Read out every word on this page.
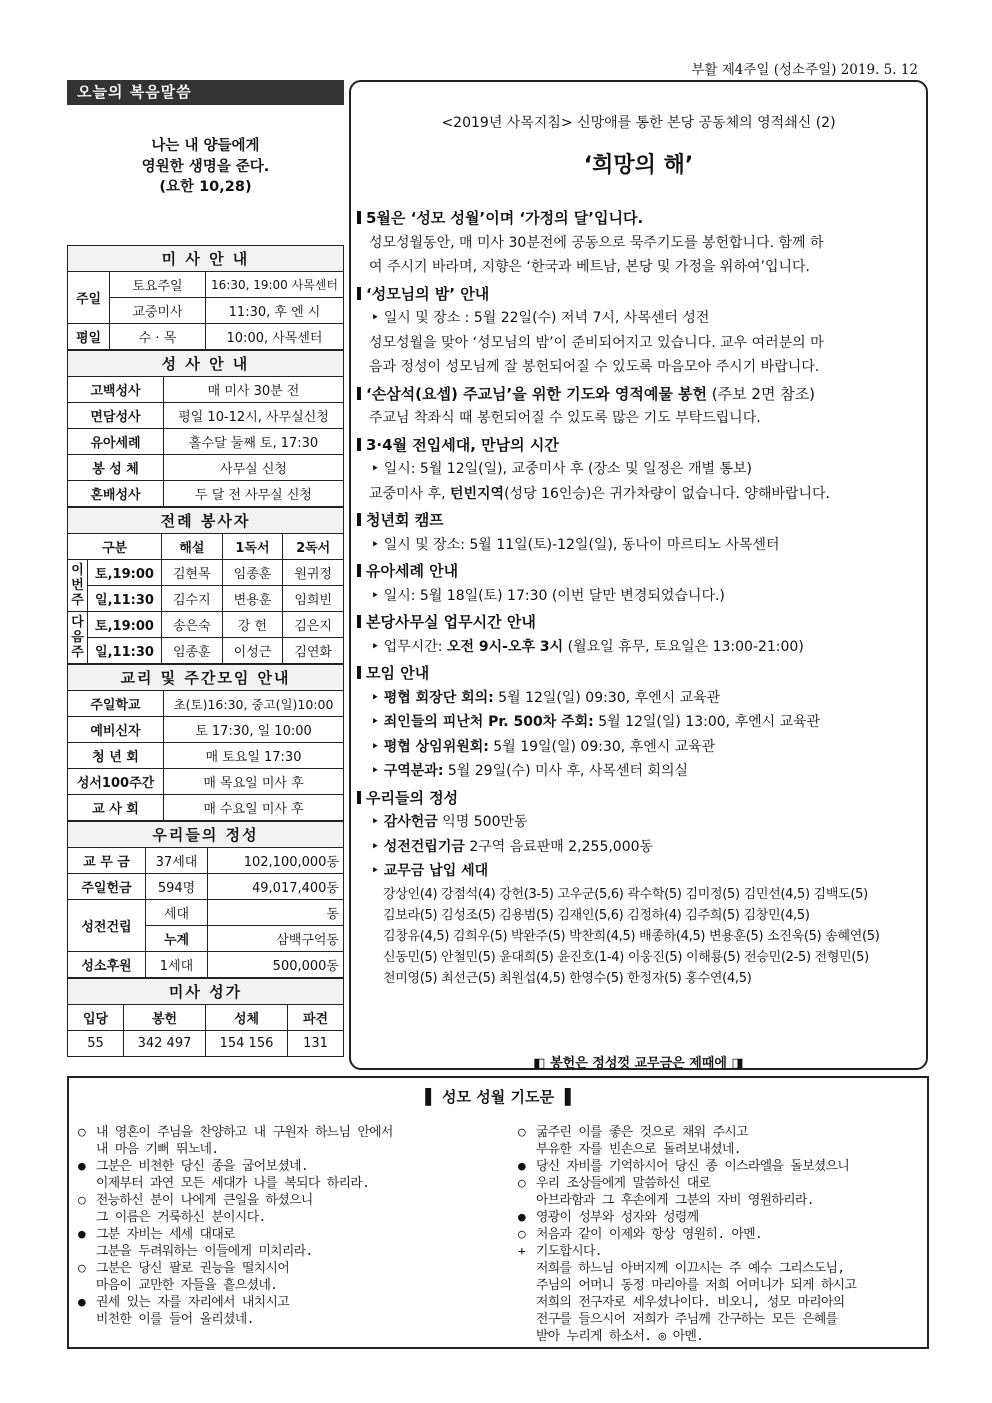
부활 제4주일 (성소주일) 2019. 5. 12
오늘의 복음말씀
나는 내 양들에게
영원한 생명을 준다.
(요한 10,28)
미 사 안 내		
주일	토요주일	16:30, 19:00 사목센터
	교중미사	11:30, 후 엔 시
평일	수 · 목	10:00, 사목센터
성 사 안 내	
고백성사	매 미사 30분 전
면담성사	평일 10-12시, 사무실신청
유아세례	홀수달 둘째 토, 17:30
봉 성 체	사무실 신청
혼배성사	두 달 전 사무실 신청
전례 봉사자				
구분		해설	1독서	2독서
이번주	토,19:00	김현목	임종훈	원귀정
	일,11:30	김수지	변용훈	임희빈
다음주	토,19:00	송은숙	강 헌	김은지
	일,11:30	임종훈	이성근	김연화
교리 및 주간모임 안내	
주일학교	초(토)16:30, 중고(일)10:00
예비신자	토 17:30, 일 10:00
청 년 회	매 토요일 17:30
성서100주간	매 목요일 미사 후
교 사 회	매 수요일 미사 후
우리들의 정성		
교 무 금	37세대	102,100,000동
주일헌금	594명	49,017,400동
성전건립	세대	동
	누계	삼백구억동
성소후원	1세대	500,000동
미사 성가			
입당	봉헌	성체	파견
55	342 497	154 156	131
<2019년 사목지침> 신망애를 통한 본당 공동체의 영적쇄신 (2)
‘희망의 해’
5월은 ‘성모 성월’이며 ‘가정의 달’입니다.

성모성월동안, 매 미사 30분전에 공동으로 묵주기도를 봉헌합니다. 함께 하

여 주시기 바라며, 지향은 ‘한국과 베트남, 본당 및 가정을 위하여’입니다.

‘성모님의 밤’ 안내

‣ 일시 및 장소 : 5월 22일(수) 저녁 7시, 사목센터 성전

성모성월을 맞아 ‘성모님의 밤’이 준비되어지고 있습니다. 교우 여러분의 마

음과 정성이 성모님께 잘 봉헌되어질 수 있도록 마음모아 주시기 바랍니다.

‘손삼석(요셉) 주교님’을 위한 기도와 영적예물 봉헌 (주보 2면 참조)

주교님 착좌식 때 봉헌되어질 수 있도록 많은 기도 부탁드립니다.

3·4월 전입세대, 만남의 시간

‣ 일시: 5월 12일(일), 교중미사 후 (장소 및 일정은 개별 통보)

교중미사 후, 턴빈지역(성당 16인승)은 귀가차량이 없습니다. 양해바랍니다.

청년회 캠프

‣ 일시 및 장소: 5월 11일(토)-12일(일), 동나이 마르티노 사목센터

유아세례 안내

‣ 일시: 5월 18일(토) 17:30 (이번 달만 변경되었습니다.)

본당사무실 업무시간 안내

‣ 업무시간: 오전 9시-오후 3시 (월요일 휴무, 토요일은 13:00-21:00)

모임 안내

‣ 평협 회장단 회의: 5월 12일(일) 09:30, 후엔시 교육관

‣ 죄인들의 피난처 Pr. 500차 주회: 5월 12일(일) 13:00, 후엔시 교육관

‣ 평협 상임위원회: 5월 19일(일) 09:30, 후엔시 교육관

‣ 구역분과: 5월 29일(수) 미사 후, 사목센터 회의실

우리들의 정성

‣ 감사헌금 익명 500만동

‣ 성전건립기금 2구역 음료판매 2,255,000동

‣ 교무금 납입 세대

강상인(4) 강점석(4) 강헌(3-5) 고우군(5,6) 곽수학(5) 김미정(5) 김민선(4,5) 김백도(5)
김보라(5) 김성조(5) 김용범(5) 김재인(5,6) 김정하(4) 김주희(5) 김창민(4,5)
김창유(4,5) 김희우(5) 박완주(5) 박찬희(4,5) 배종하(4,5) 변용훈(5) 소진욱(5) 송혜연(5)
신동민(5) 안철민(5) 윤대희(5) 윤진호(1-4) 이웅진(5) 이해룡(5) 전승민(2-5) 전형민(5)
천미영(5) 최선근(5) 최원섭(4,5) 한영수(5) 한정자(5) 홍수연(4,5)
◧ 봉헌은 정성껏 교무금은 제때에 ◨
▌ 성모 성월 기도문 ▐
○ 내 영혼이 주님을 찬양하고 내 구원자 하느님 안에서
내 마음 기뻐 뛰노네.
● 그분은 비천한 당신 종을 굽어보셨네.
이제부터 과연 모든 세대가 나를 복되다 하리라.
○ 전능하신 분이 나에게 큰일을 하셨으니
그 이름은 거룩하신 분이시다.
● 그분 자비는 세세 대대로
그분을 두려워하는 이들에게 미치리라.
○ 그분은 당신 팔로 권능을 떨치시어
마음이 교만한 자들을 흩으셨네.
● 권세 있는 자를 자리에서 내치시고
비천한 이를 들어 올리셨네.
○ 굶주린 이를 좋은 것으로 채워 주시고
부유한 자를 빈손으로 돌려보내셨네.
● 당신 자비를 기억하시어 당신 종 이스라엘을 돌보셨으니
○ 우리 조상들에게 말씀하신 대로
아브라함과 그 후손에게 그분의 자비 영원하리라.
● 영광이 성부와 성자와 성령께
○ 처음과 같이 이제와 항상 영원히. 아멘.
+ 기도합시다.
저희를 하느님 아버지께 이끄시는 주 예수 그리스도님,
주님의 어머니 동정 마리아를 저희 어머니가 되게 하시고
저희의 전구자로 세우셨나이다. 비오니, 성모 마리아의
전구를 들으시어 저희가 주님께 간구하는 모든 은혜를
받아 누리게 하소서. ◎ 아멘.
